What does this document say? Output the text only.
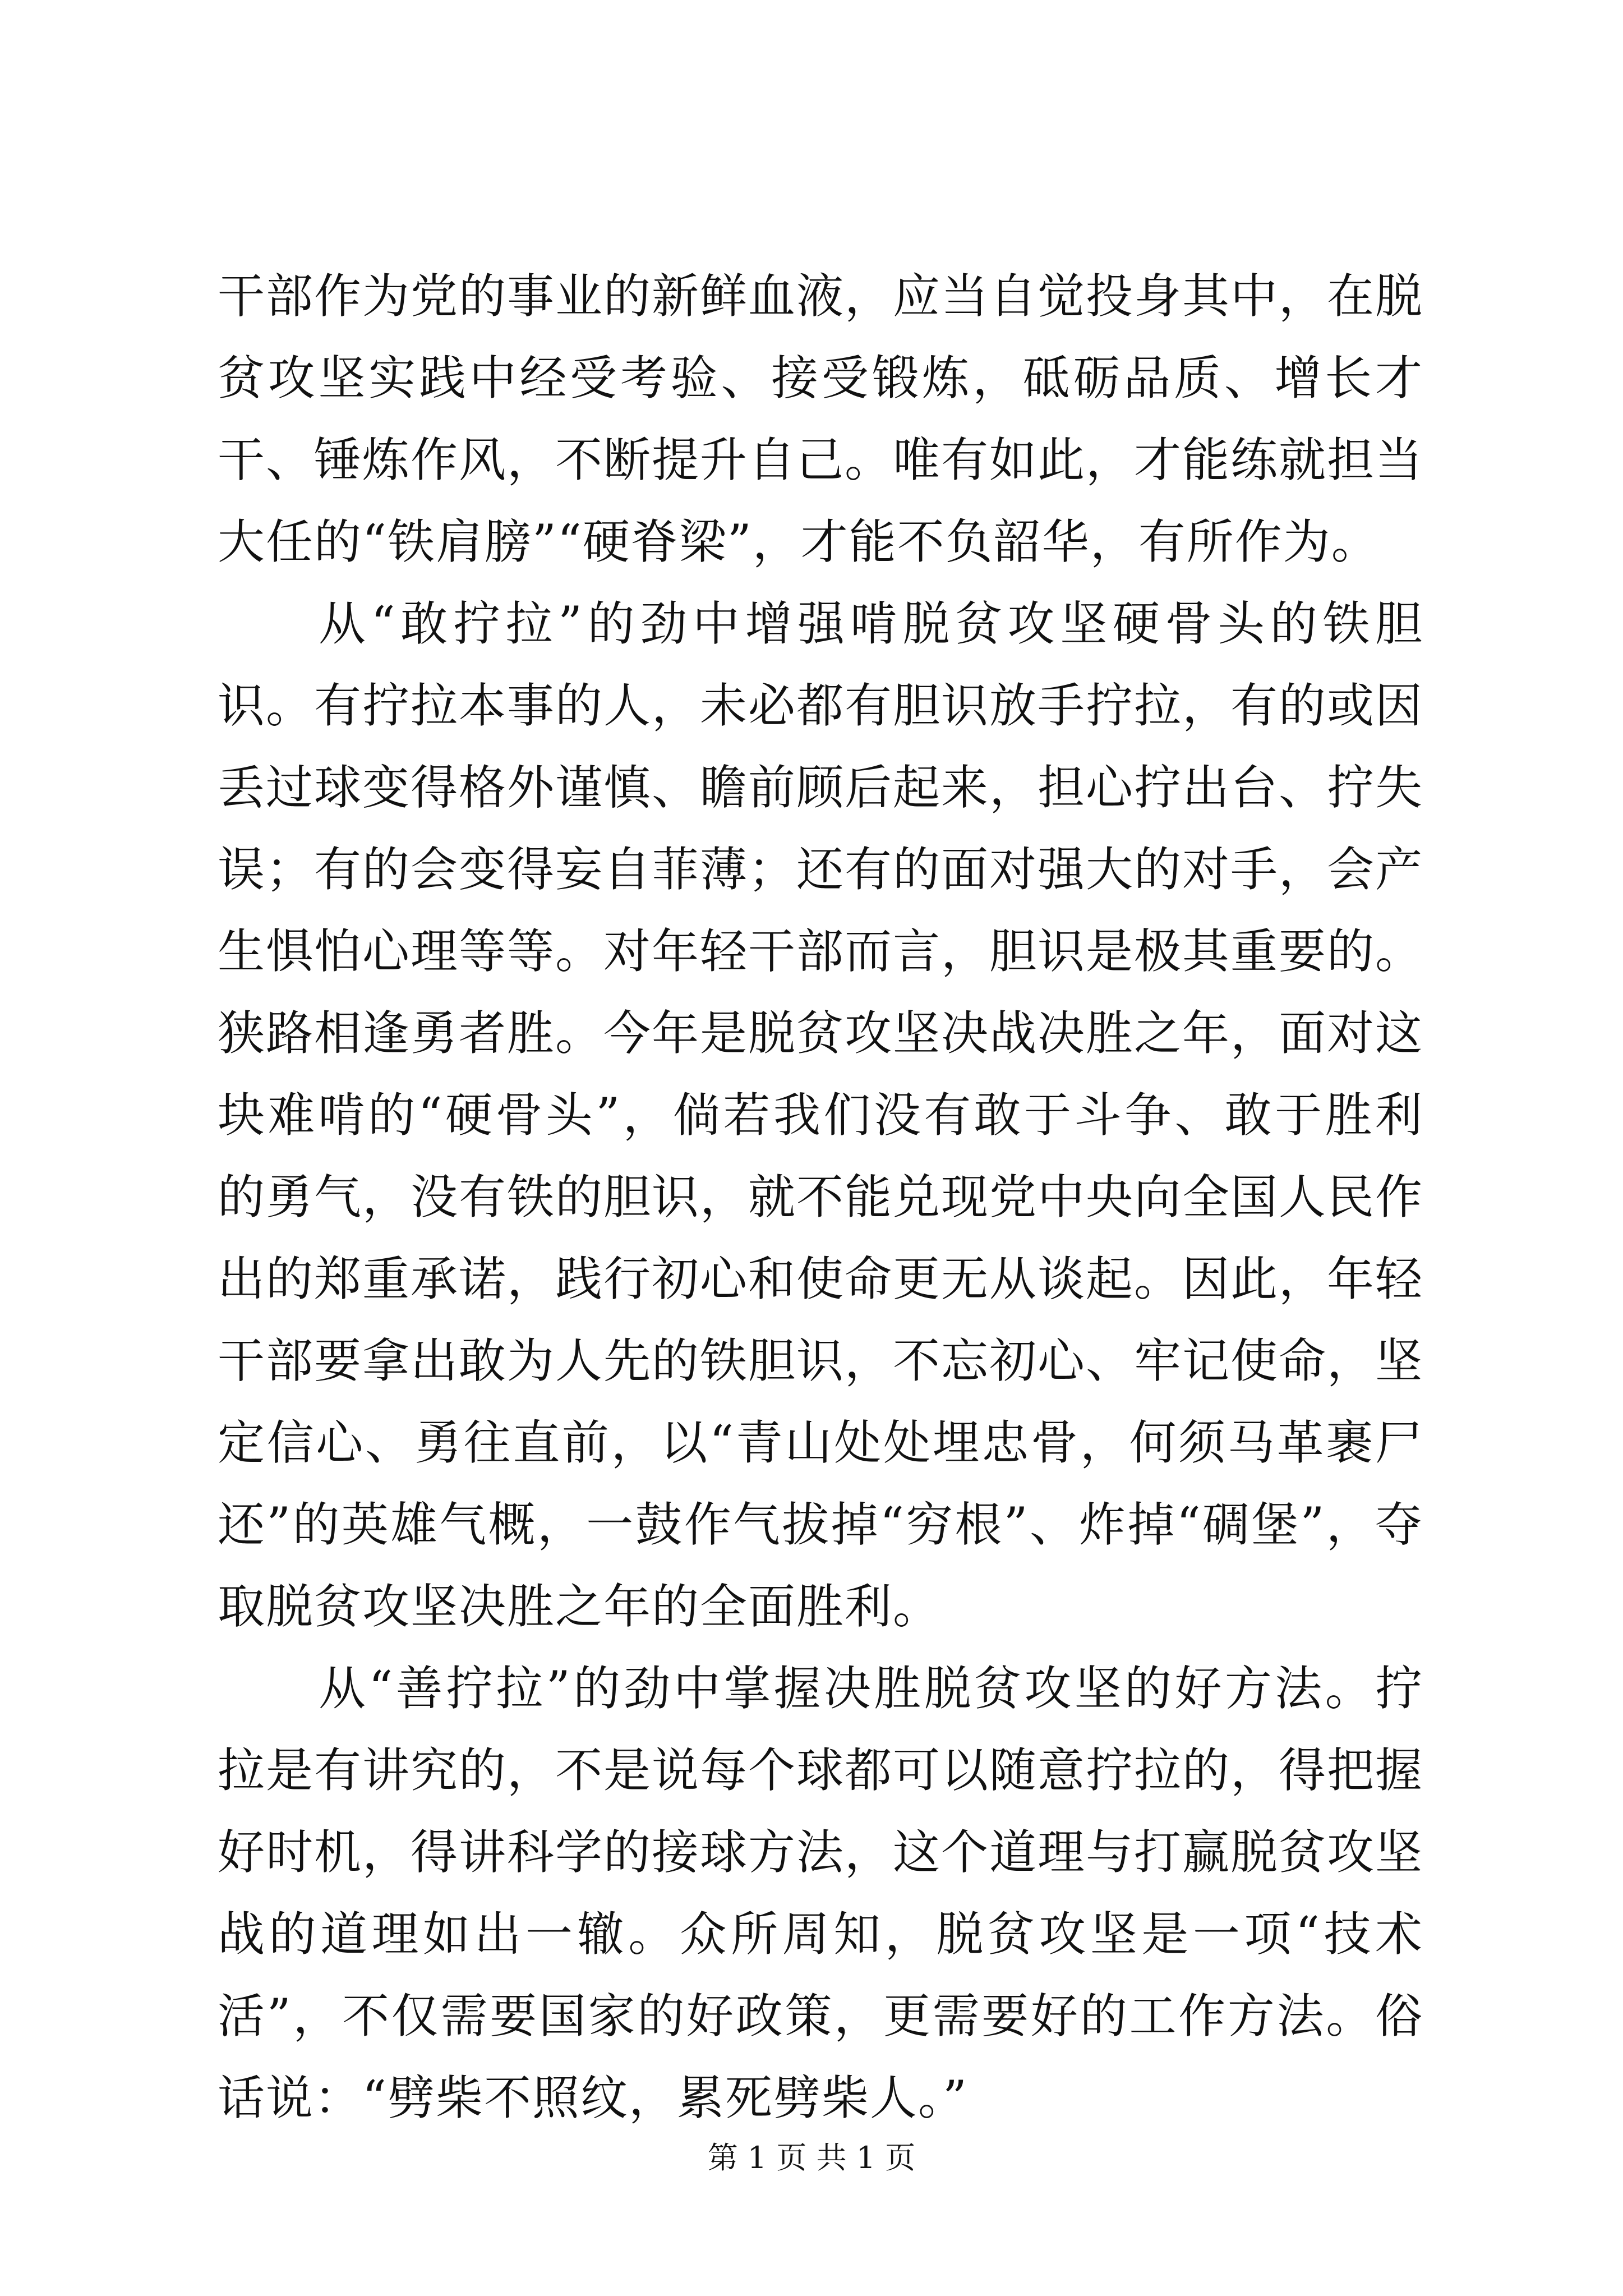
干部作为党的事业的新鲜血液，应当自觉投身其中，在脱贫攻坚实践中经受考验、接受锻炼，砥砺品质、增长才干、锤炼作风，不断提升自己。唯有如此，才能练就担当大任的“铁肩膀”“硬脊梁”，才能不负韶华，有所作为。

从“敢拧拉”的劲中增强啃脱贫攻坚硬骨头的铁胆识。有拧拉本事的人，未必都有胆识放手拧拉，有的或因丢过球变得格外谨慎、瞻前顾后起来，担心拧出台、拧失误；有的会变得妄自菲薄；还有的面对强大的对手，会产生惧怕心理等等。对年轻干部而言，胆识是极其重要的。狭路相逢勇者胜。今年是脱贫攻坚决战决胜之年，面对这块难啃的“硬骨头”，倘若我们没有敢于斗争、敢于胜利的勇气，没有铁的胆识，就不能兑现党中央向全国人民作出的郑重承诺，践行初心和使命更无从谈起。因此，年轻干部要拿出敢为人先的铁胆识，不忘初心、牢记使命，坚定信心、勇往直前，以“青山处处埋忠骨，何须马革裹尸还”的英雄气概，一鼓作气拔掉“穷根”、炸掉“碉堡”，夺取脱贫攻坚决胜之年的全面胜利。

从“善拧拉”的劲中掌握决胜脱贫攻坚的好方法。拧拉是有讲究的，不是说每个球都可以随意拧拉的，得把握好时机，得讲科学的接球方法，这个道理与打赢脱贫攻坚战的道理如出一辙。众所周知，脱贫攻坚是一项“技术活”，不仅需要国家的好政策，更需要好的工作方法。俗话说：“劈柴不照纹，累死劈柴人。”

第 1 页 共 1 页
